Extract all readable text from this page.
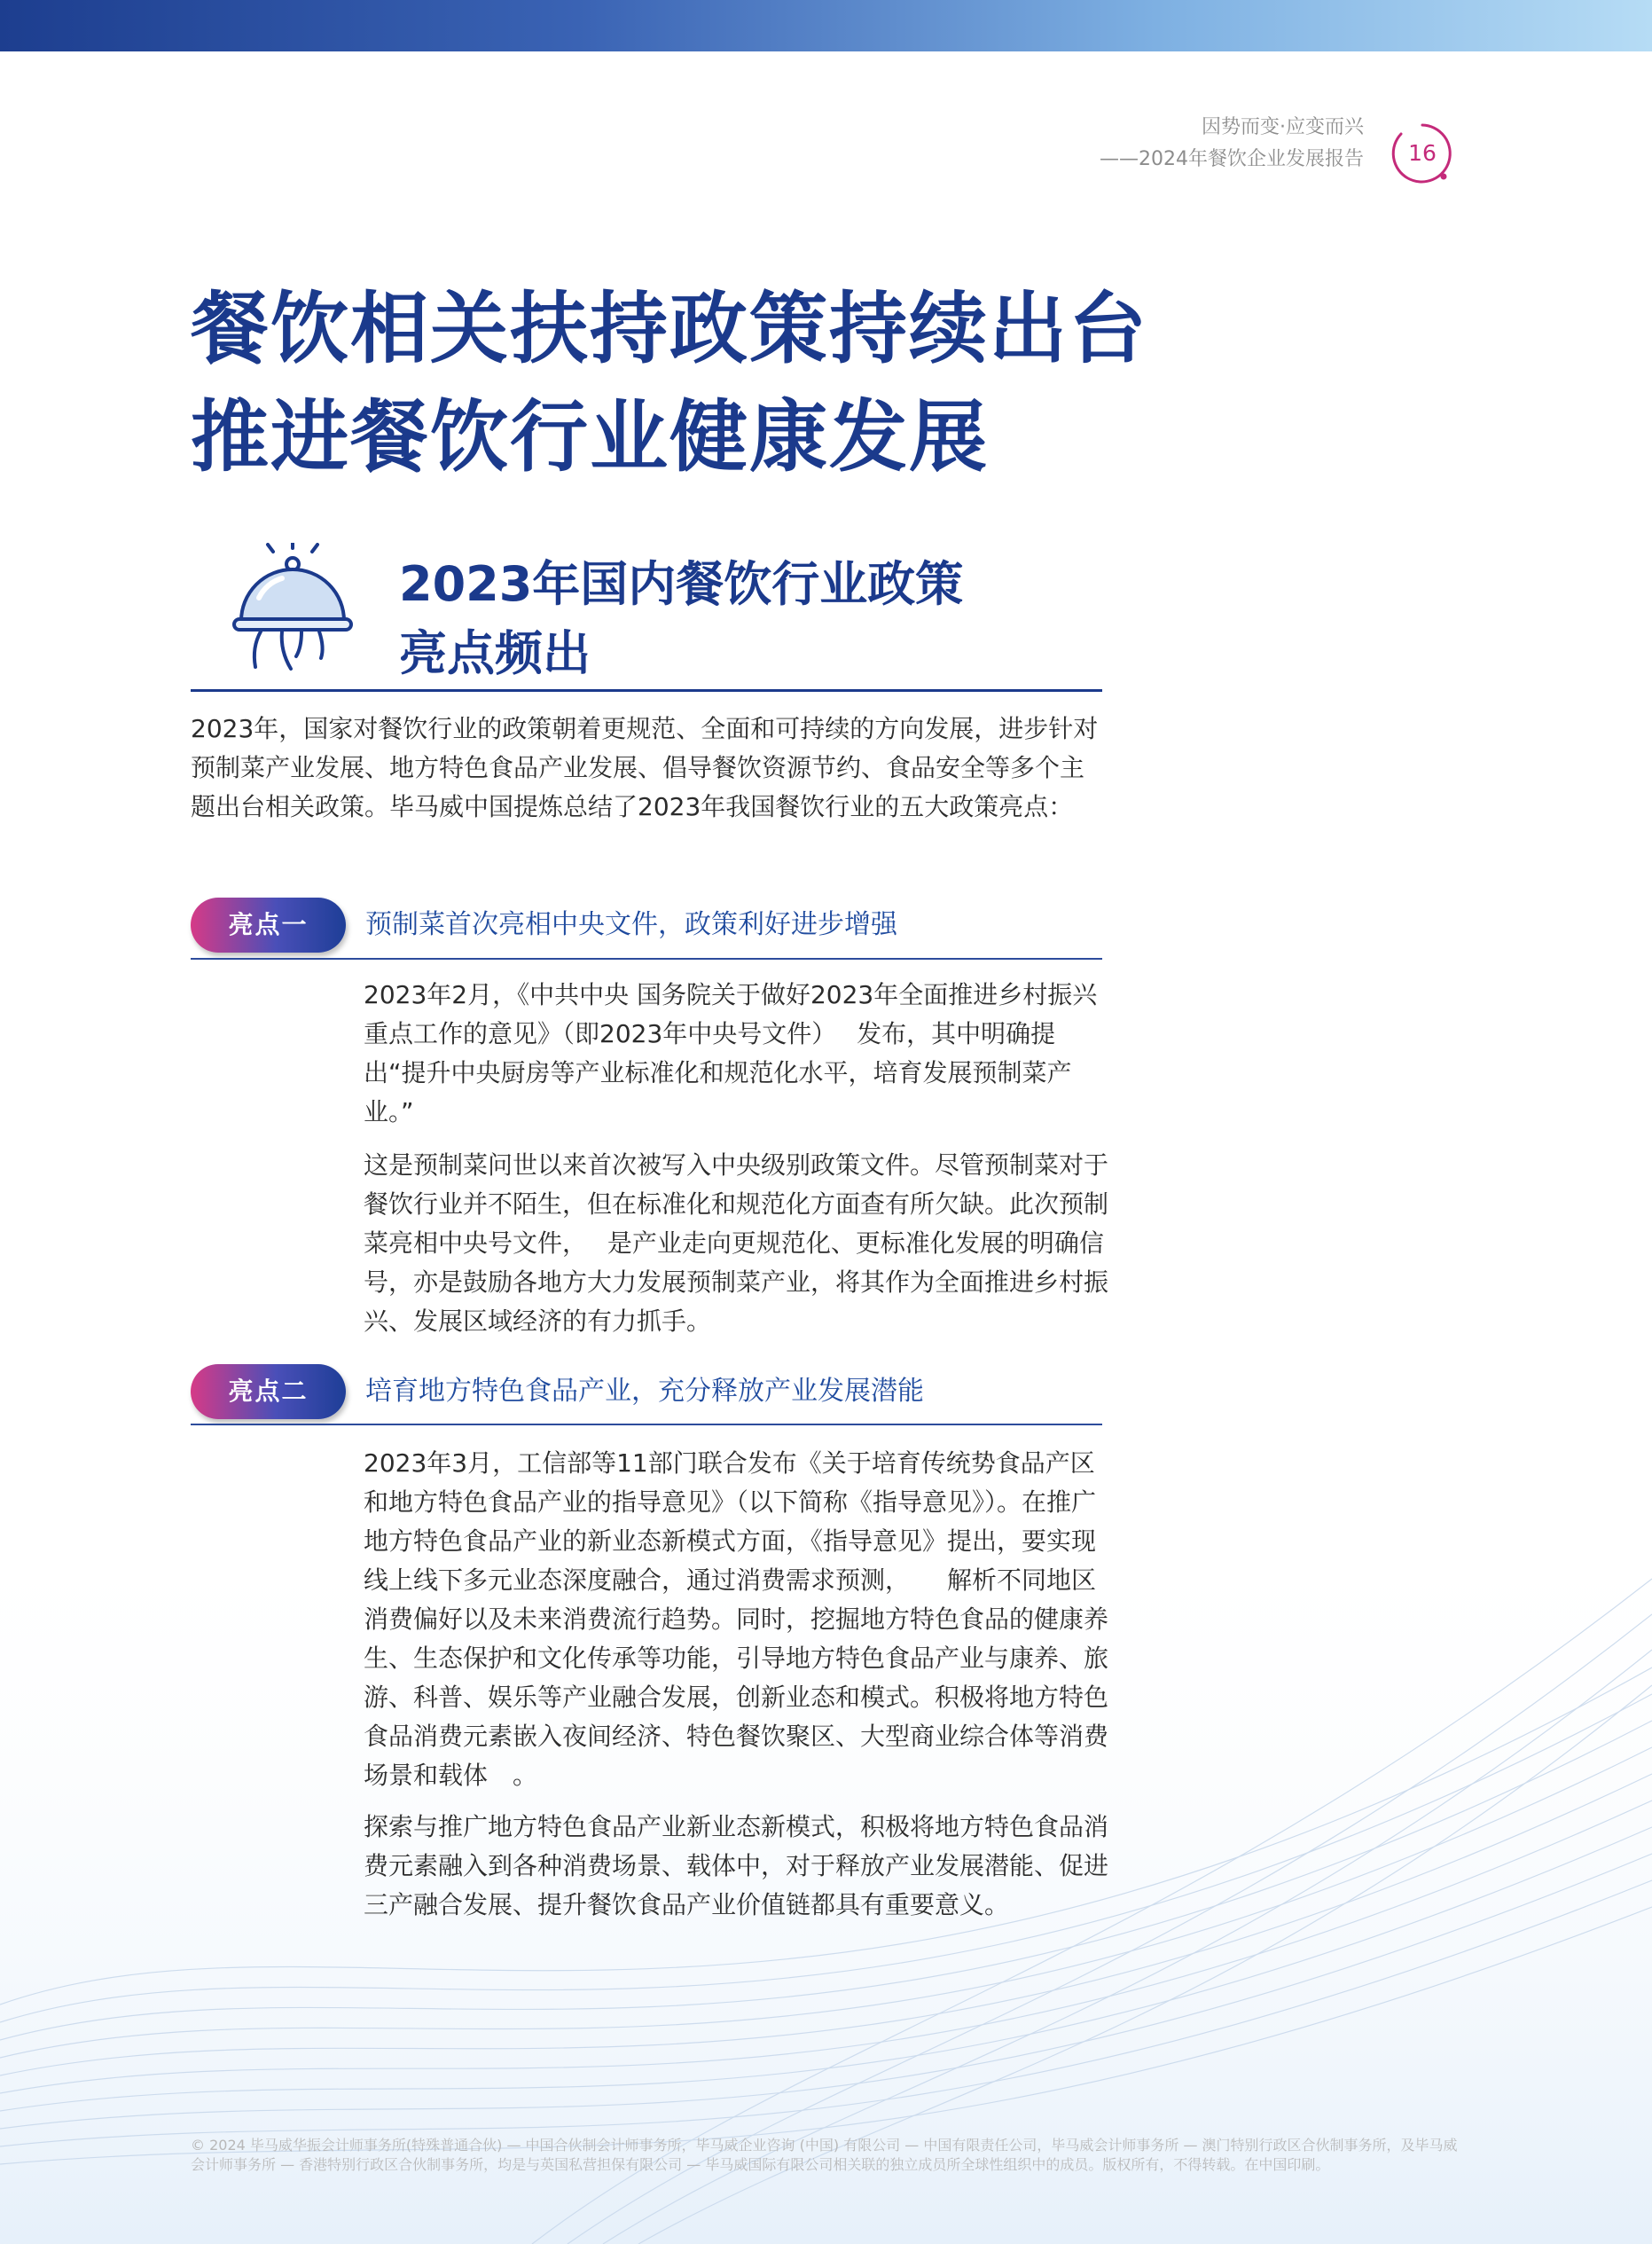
因势而变·应变而兴
——2024年餐饮企业发展报告	16
餐饮相关扶持政策持续出台
推进餐饮行业健康发展
2023年国内餐饮行业政策
亮点频出
2023年，国家对餐饮行业的政策朝着更规范、全面和可持续的方向发展，进步针对预制菜产业发展、地方特色食品产业发展、倡导餐饮资源节约、食品安全等多个主题出台相关政策。毕马威中国提炼总结了2023年我国餐饮行业的五大政策亮点：
亮点一	预制菜首次亮相中央文件，政策利好进步增强
2023年2月，《中共中央 国务院关于做好2023年全面推进乡村振兴重点工作的意见》（即2023年中央号文件）　 发布，其中明确提出“提升中央厨房等产业标准化和规范化水平，培育发展预制菜产业。”
这是预制菜问世以来首次被写入中央级别政策文件。尽管预制菜对于餐饮行业并不陌生，但在标准化和规范化方面查有所欠缺。此次预制菜亮相中央号文件，　 是产业走向更规范化、更标准化发展的明确信号，亦是鼓励各地方大力发展预制菜产业，将其作为全面推进乡村振兴、发展区域经济的有力抓手。
亮点二	培育地方特色食品产业，充分释放产业发展潜能
2023年3月，工信部等11部门联合发布《关于培育传统势食品产区和地方特色食品产业的指导意见》（以下简称《指导意见》）。在推广地方特色食品产业的新业态新模式方面，《指导意见》提出，要实现线上线下多元业态深度融合，通过消费需求预测，　　解析不同地区消费偏好以及未来消费流行趋势。同时，挖掘地方特色食品的健康养生、生态保护和文化传承等功能，引导地方特色食品产业与康养、旅游、科普、娱乐等产业融合发展，创新业态和模式。积极将地方特色食品消费元素嵌入夜间经济、特色餐饮聚区、大型商业综合体等消费场景和载体　。
探索与推广地方特色食品产业新业态新模式，积极将地方特色食品消费元素融入到各种消费场景、载体中，对于释放产业发展潜能、促进三产融合发展、提升餐饮食品产业价值链都具有重要意义。
© 2024 毕马威华振会计师事务所(特殊普通合伙) — 中国合伙制会计师事务所，毕马威企业咨询 (中国) 有限公司 — 中国有限责任公司，毕马威会计师事务所 — 澳门特别行政区合伙制事务所，及毕马威会计师事务所 — 香港特别行政区合伙制事务所，均是与英国私营担保有限公司 — 毕马威国际有限公司相关联的独立成员所全球性组织中的成员。版权所有，不得转载。在中国印刷。
